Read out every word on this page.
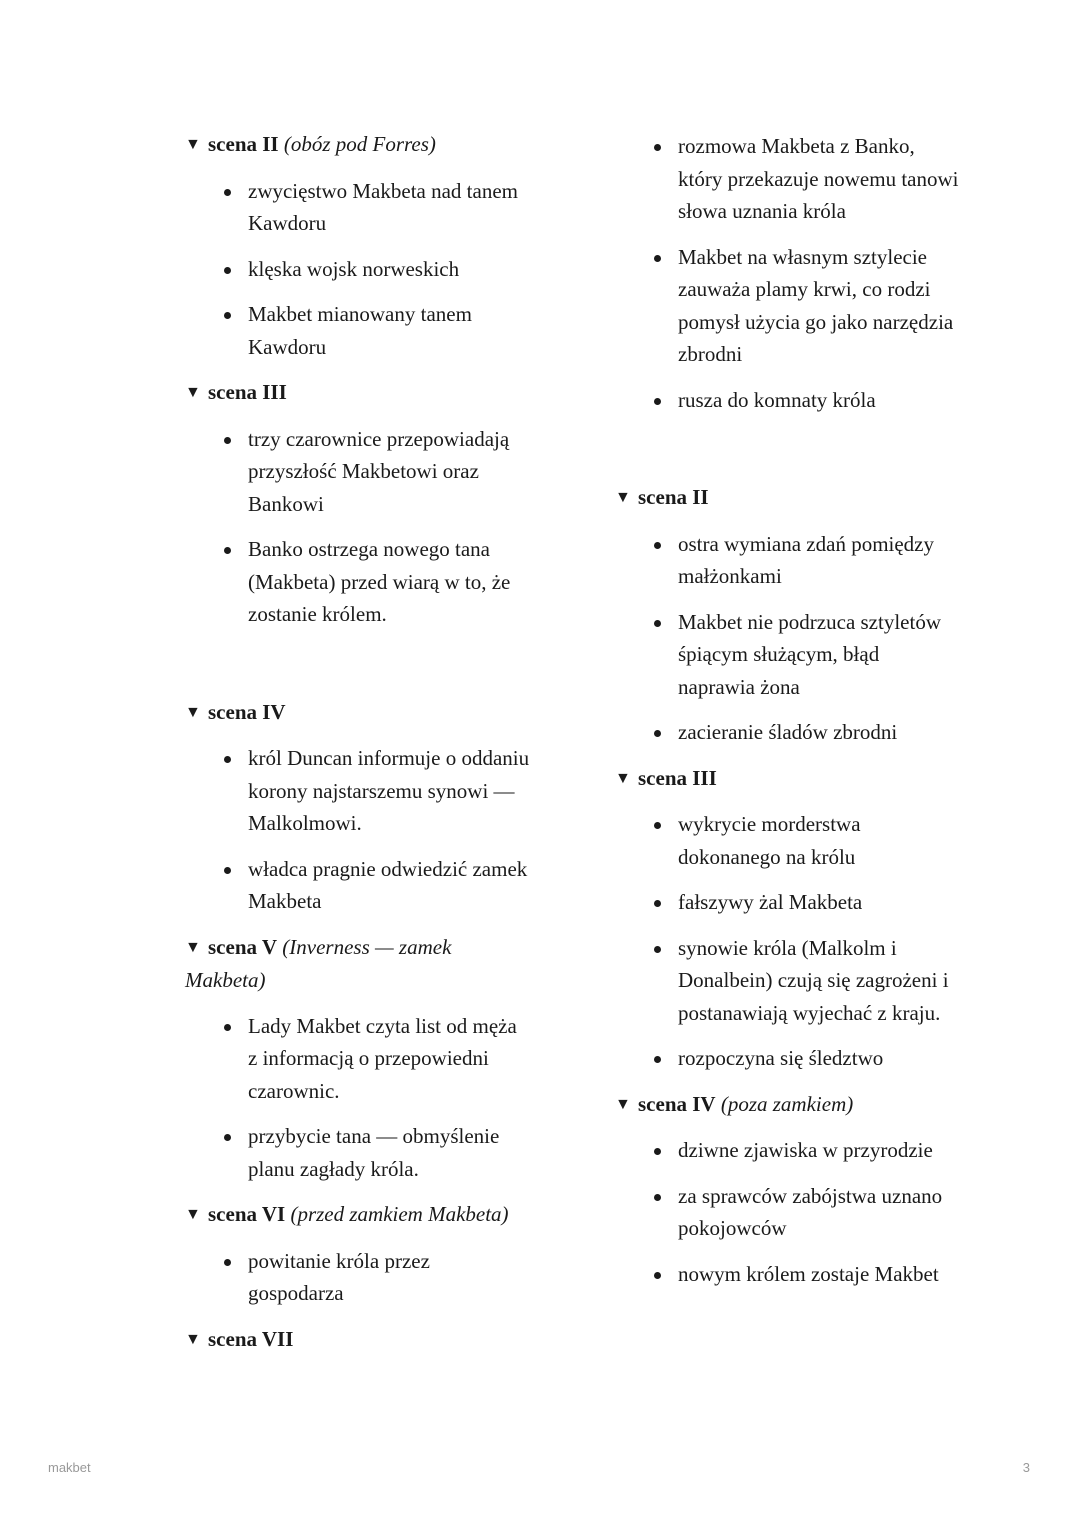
▼ scena II (obóz pod Forres)

zwycięstwo Makbeta nad tanem Kawdoru
klęska wojsk norweskich
Makbet mianowany tanem Kawdoru

▼ scena III

trzy czarownice przepowiadają przyszłość Makbetowi oraz Bankowi
Banko ostrzega nowego tana (Makbeta) przed wiarą w to, że zostanie królem.

▼ scena IV

król Duncan informuje o oddaniu korony najstarszemu synowi — Malkolmowi.
władca pragnie odwiedzić zamek Makbeta

▼ scena V (Inverness — zamek Makbeta)

Lady Makbet czyta list od męża z informacją o przepowiedni czarownic.
przybycie tana — obmyślenie planu zagłady króla.

▼ scena VI (przed zamkiem Makbeta)

powitanie króla przez gospodarza

▼ scena VII

rozmowa Makbeta z Banko, który przekazuje nowemu tanowi słowa uznania króla
Makbet na własnym sztylecie zauważa plamy krwi, co rodzi pomysł użycia go jako narzędzia zbrodni
rusza do komnaty króla

▼ scena II

ostra wymiana zdań pomiędzy małżonkami
Makbet nie podrzuca sztyletów śpiącym służącym, błąd naprawia żona
zacieranie śladów zbrodni

▼ scena III

wykrycie morderstwa dokonanego na królu
fałszywy żal Makbeta
synowie króla (Malkolm i Donalbein) czują się zagrożeni i postanawiają wyjechać z kraju.
rozpoczyna się śledztwo

▼ scena IV (poza zamkiem)

dziwne zjawiska w przyrodzie
za sprawców zabójstwa uznano pokojowców
nowym królem zostaje Makbet
makbet	3
